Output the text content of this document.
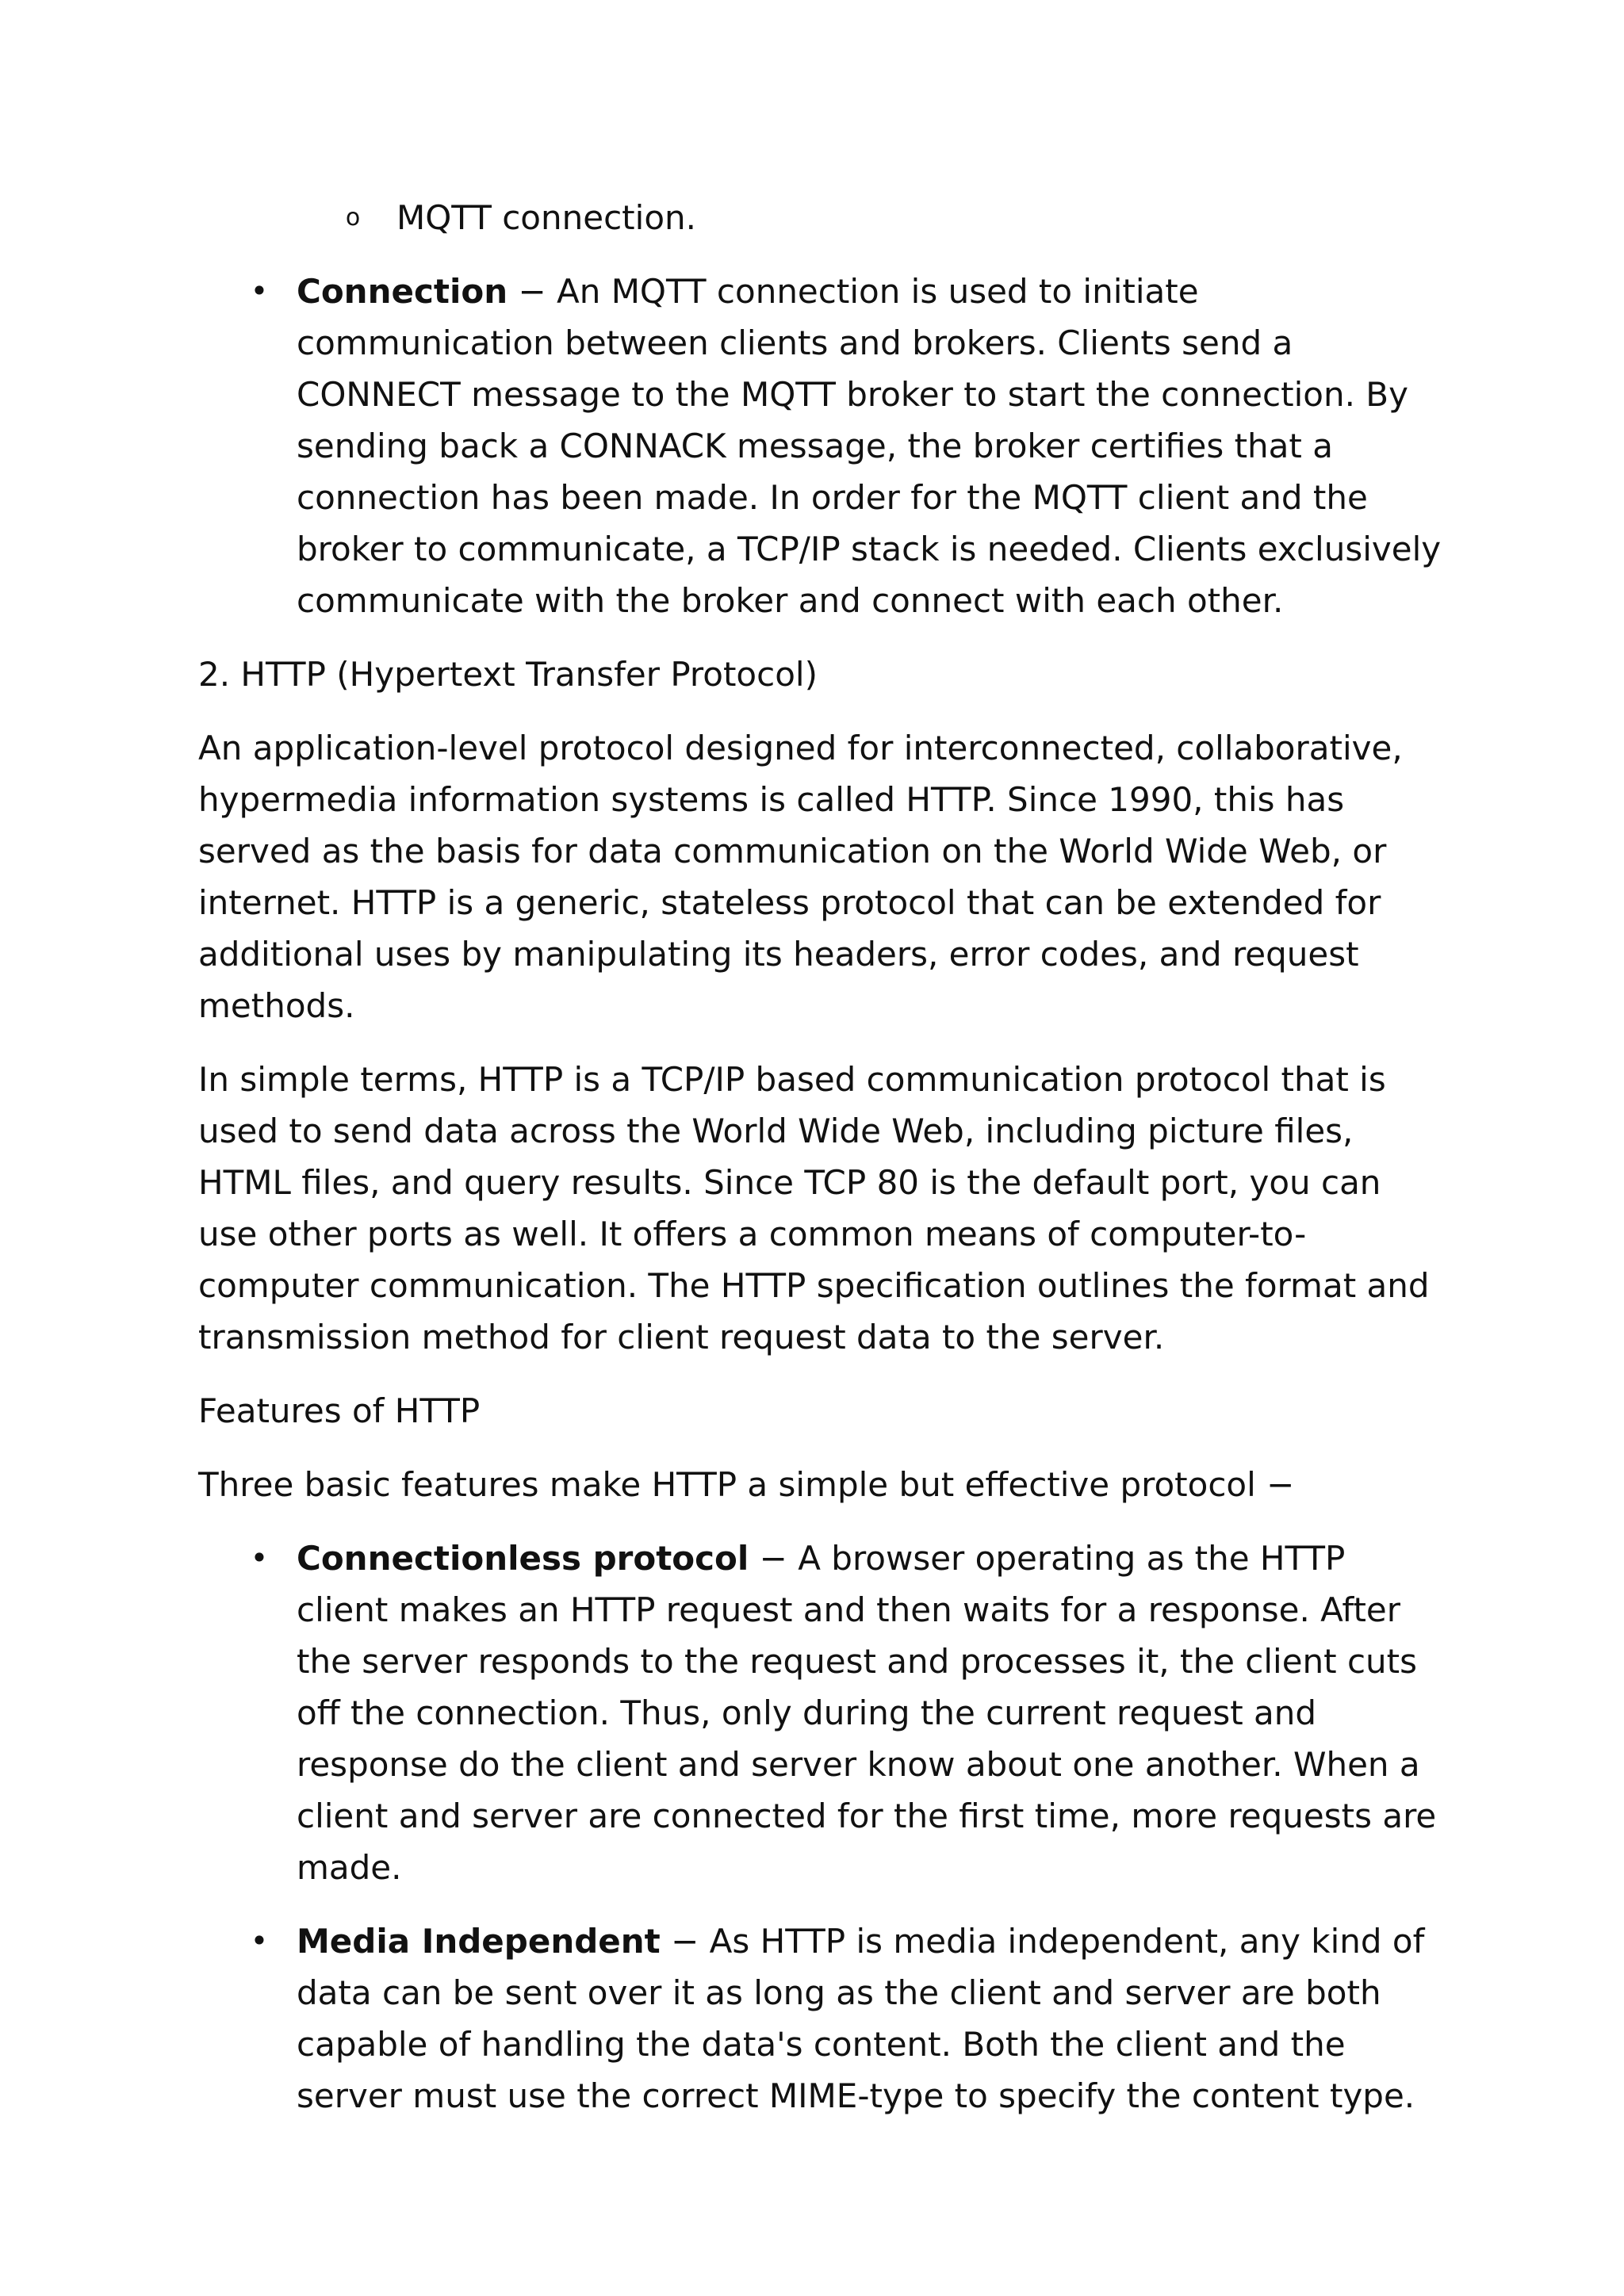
o MQTT connection.
• Connection − An MQTT connection is used to initiate communication between clients and brokers. Clients send a CONNECT message to the MQTT broker to start the connection. By sending back a CONNACK message, the broker certifies that a connection has been made. In order for the MQTT client and the broker to communicate, a TCP/IP stack is needed. Clients exclusively communicate with the broker and connect with each other.

2. HTTP (Hypertext Transfer Protocol)

An application-level protocol designed for interconnected, collaborative, hypermedia information systems is called HTTP. Since 1990, this has served as the basis for data communication on the World Wide Web, or internet. HTTP is a generic, stateless protocol that can be extended for additional uses by manipulating its headers, error codes, and request methods.

In simple terms, HTTP is a TCP/IP based communication protocol that is used to send data across the World Wide Web, including picture files, HTML files, and query results. Since TCP 80 is the default port, you can use other ports as well. It offers a common means of computer-to-computer communication. The HTTP specification outlines the format and transmission method for client request data to the server.

Features of HTTP

Three basic features make HTTP a simple but effective protocol −

• Connectionless protocol − A browser operating as the HTTP client makes an HTTP request and then waits for a response. After the server responds to the request and processes it, the client cuts off the connection. Thus, only during the current request and response do the client and server know about one another. When a client and server are connected for the first time, more requests are made.
• Media Independent − As HTTP is media independent, any kind of data can be sent over it as long as the client and server are both capable of handling the data's content. Both the client and the server must use the correct MIME-type to specify the content type.
